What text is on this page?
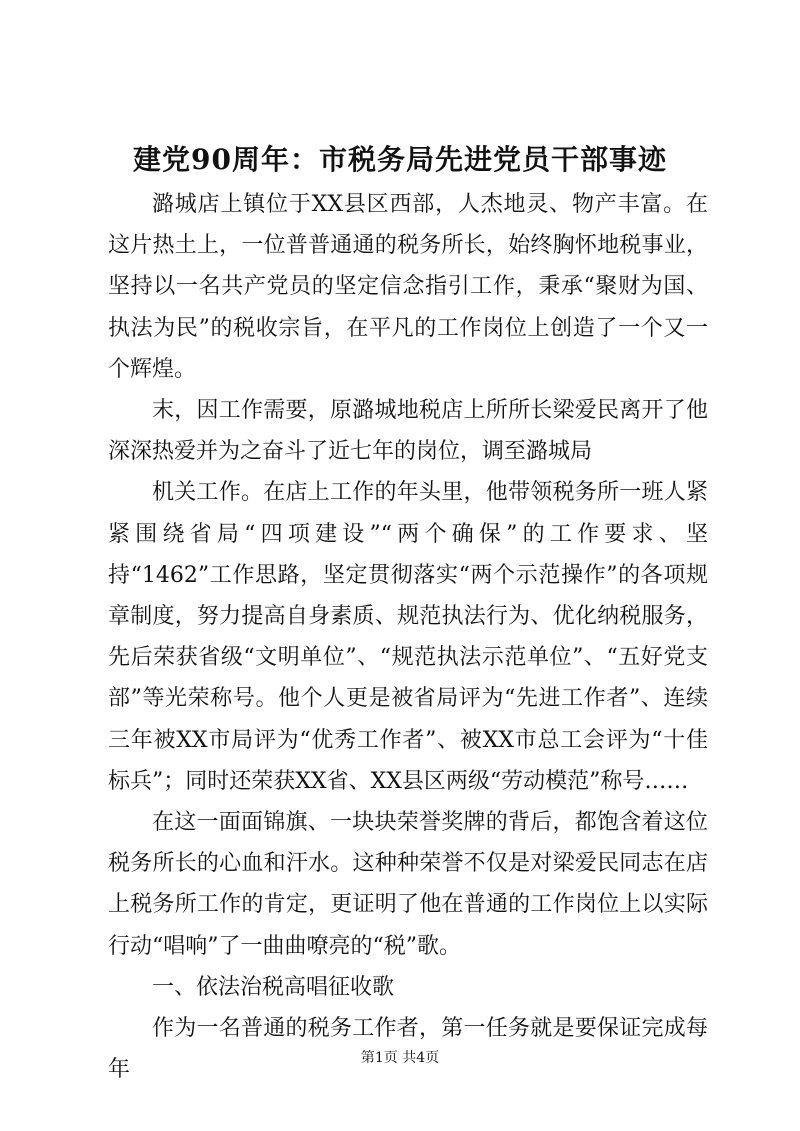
建党90周年：市税务局先进党员干部事迹

潞城店上镇位于XX县区西部，人杰地灵、物产丰富。在这片热土上，一位普普通通的税务所长，始终胸怀地税事业，坚持以一名共产党员的坚定信念指引工作，秉承“聚财为国、执法为民”的税收宗旨，在平凡的工作岗位上创造了一个又一个辉煌。

末，因工作需要，原潞城地税店上所所长梁爱民离开了他深深热爱并为之奋斗了近七年的岗位，调至潞城局

机关工作。在店上工作的年头里，他带领税务所一班人紧紧围绕省局“四项建设”“两个确保”的工作要求、坚持“1462”工作思路，坚定贯彻落实“两个示范操作”的各项规章制度，努力提高自身素质、规范执法行为、优化纳税服务，先后荣获省级“文明单位”、“规范执法示范单位”、“五好党支部”等光荣称号。他个人更是被省局评为“先进工作者”、连续三年被XX市局评为“优秀工作者”、被XX市总工会评为“十佳标兵”；同时还荣获XX省、XX县区两级“劳动模范”称号……

在这一面面锦旗、一块块荣誉奖牌的背后，都饱含着这位税务所长的心血和汗水。这种种荣誉不仅是对梁爱民同志在店上税务所工作的肯定，更证明了他在普通的工作岗位上以实际行动“唱响”了一曲曲嘹亮的“税”歌。

一、依法治税高唱征收歌

作为一名普通的税务工作者，第一任务就是要保证完成每年	第1页 共4页
